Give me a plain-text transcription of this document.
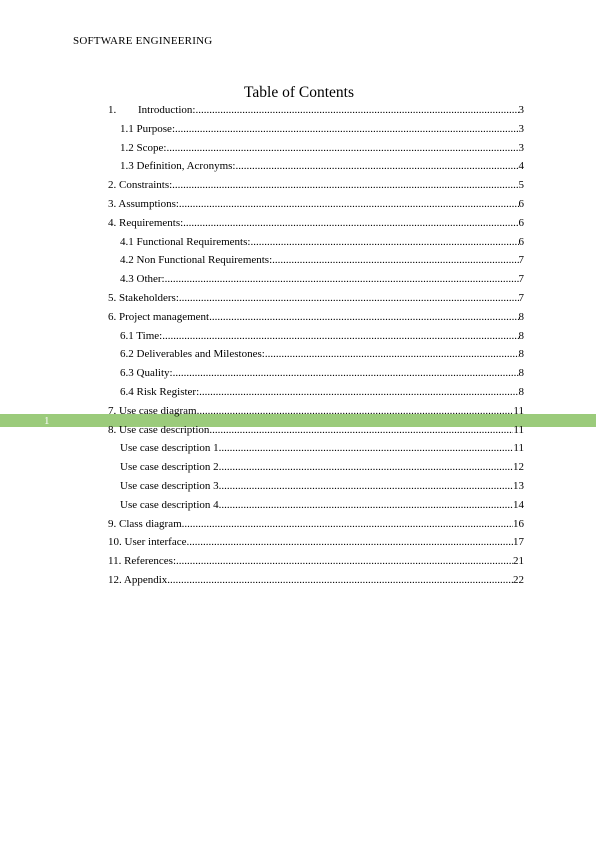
SOFTWARE ENGINEERING
Table of Contents
1
1.	Introduction: .....	3
1.1 Purpose: .....	3
1.2 Scope: .....	3
1.3 Definition, Acronyms: .....	4
2. Constraints: .....	5
3. Assumptions: .....	6
4. Requirements: .....	6
4.1 Functional Requirements: .....	6
4.2 Non Functional Requirements: .....	7
4.3 Other: .....	7
5. Stakeholders: .....	7
6. Project management .....	8
6.1 Time: .....	8
6.2 Deliverables and Milestones: .....	8
6.3 Quality: .....	8
6.4 Risk Register: .....	8
7. Use case diagram .....	11
8. Use case description .....	11
Use case description 1 .....	11
Use case description 2 .....	12
Use case description 3 .....	13
Use case description 4 .....	14
9. Class diagram .....	16
10. User interface .....	17
11. References: .....	21
12. Appendix .....	22
